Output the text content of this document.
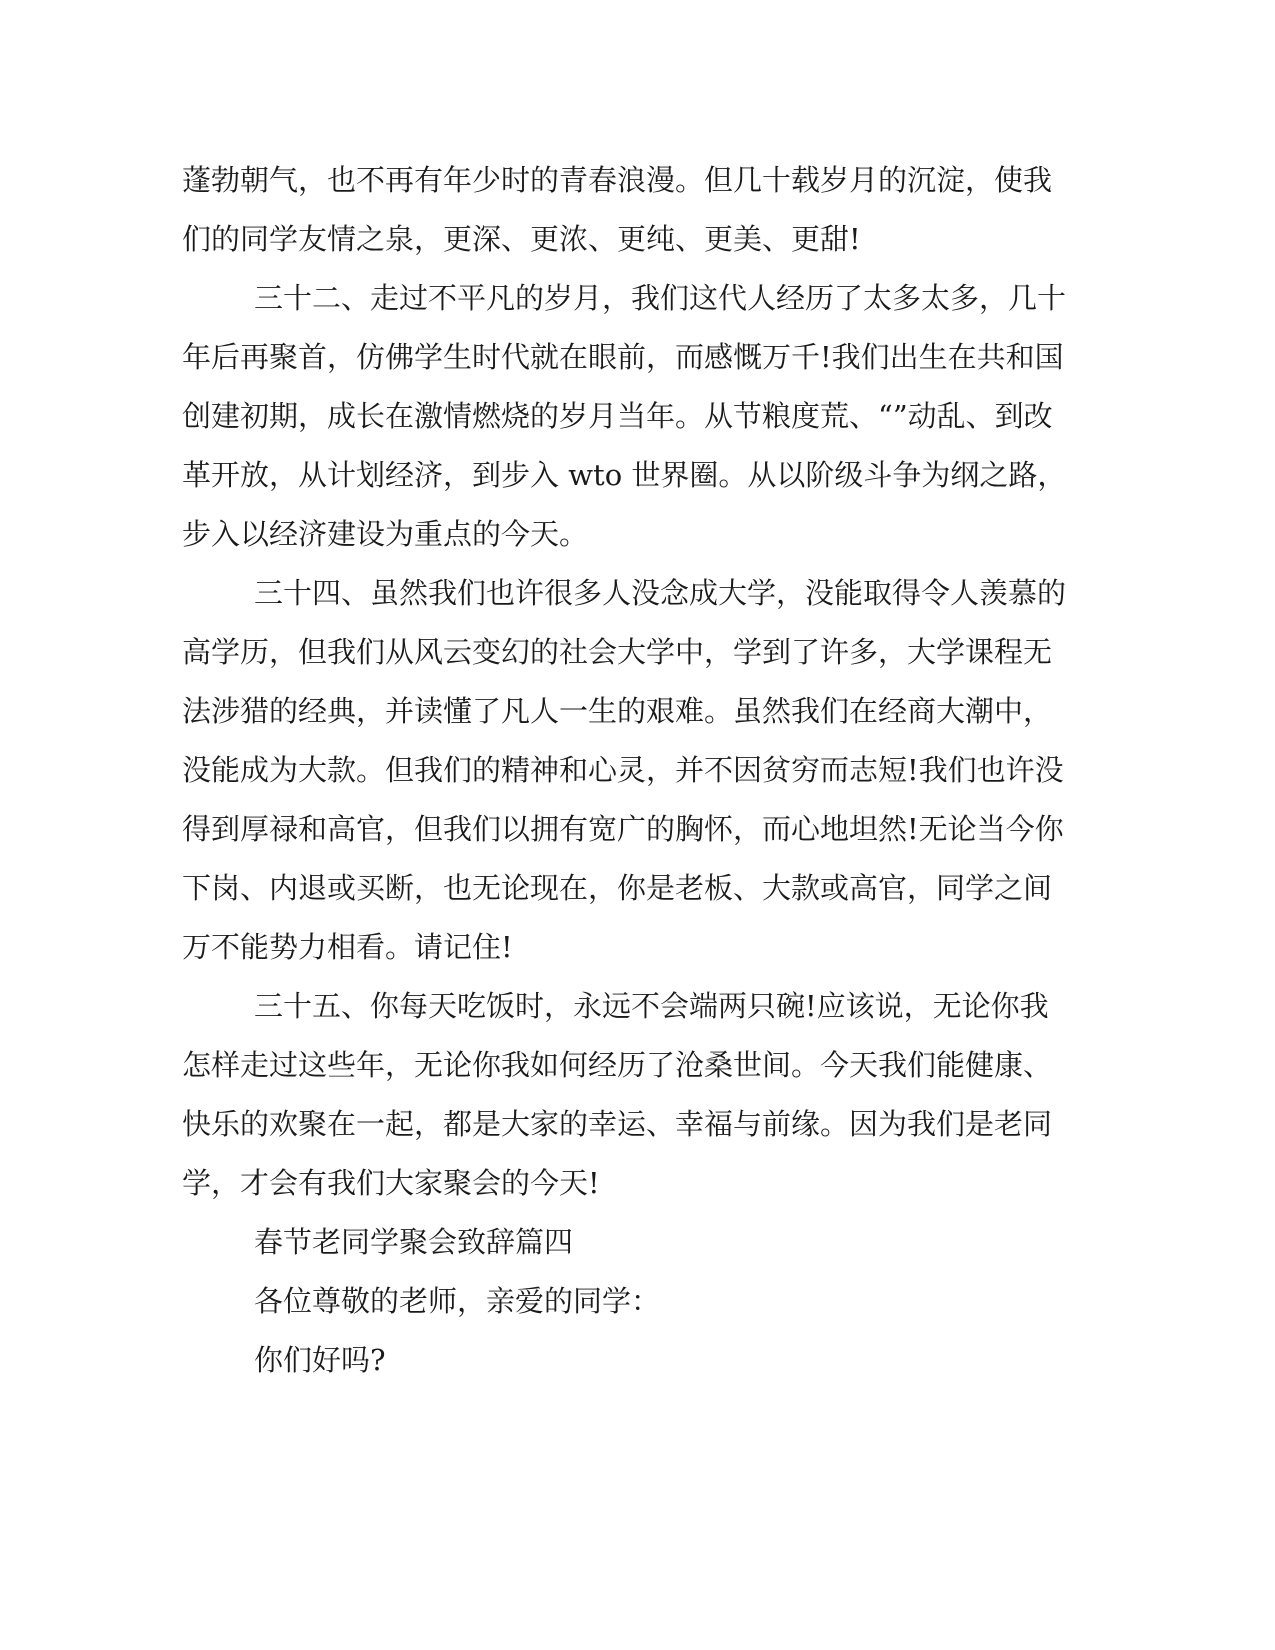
蓬勃朝气，也不再有年少时的青春浪漫。但几十载岁月的沉淀，使我
们的同学友情之泉，更深、更浓、更纯、更美、更甜!
三十二、走过不平凡的岁月，我们这代人经历了太多太多，几十
年后再聚首，仿佛学生时代就在眼前，而感慨万千!我们出生在共和国
创建初期，成长在激情燃烧的岁月当年。从节粮度荒、“”动乱、到改
革开放，从计划经济，到步入 wto 世界圈。从以阶级斗争为纲之路，
步入以经济建设为重点的今天。
三十四、虽然我们也许很多人没念成大学，没能取得令人羡慕的
高学历，但我们从风云变幻的社会大学中，学到了许多，大学课程无
法涉猎的经典，并读懂了凡人一生的艰难。虽然我们在经商大潮中，
没能成为大款。但我们的精神和心灵，并不因贫穷而志短!我们也许没
得到厚禄和高官，但我们以拥有宽广的胸怀，而心地坦然!无论当今你
下岗、内退或买断，也无论现在，你是老板、大款或高官，同学之间
万不能势力相看。请记住!
三十五、你每天吃饭时，永远不会端两只碗!应该说，无论你我
怎样走过这些年，无论你我如何经历了沧桑世间。今天我们能健康、
快乐的欢聚在一起，都是大家的幸运、幸福与前缘。因为我们是老同
学，才会有我们大家聚会的今天!
春节老同学聚会致辞篇四
各位尊敬的老师，亲爱的同学：
你们好吗?
